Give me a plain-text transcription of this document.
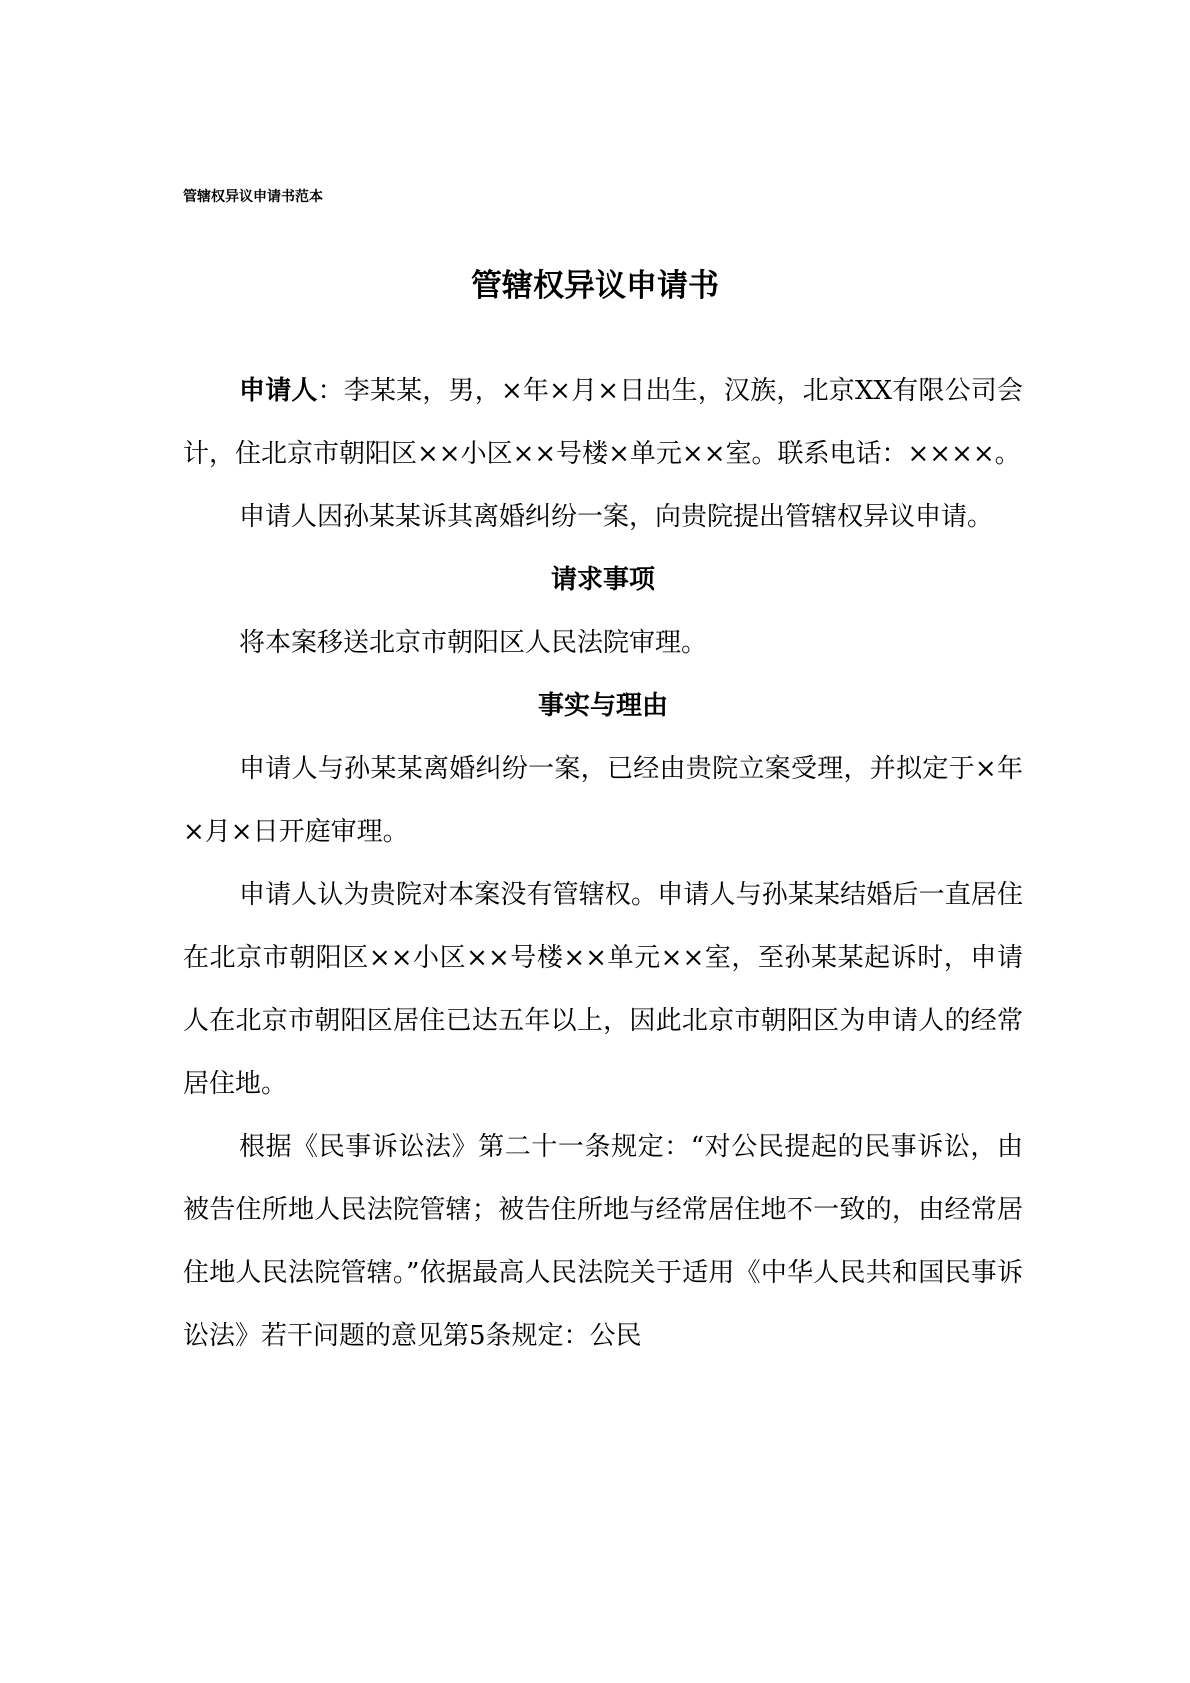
管辖权异议申请书范本
管辖权异议申请书

申请人：李某某，男，×年×月×日出生，汉族，北京XX有限公司会计，住北京市朝阳区××小区××号楼×单元××室。联系电话：××××。

申请人因孙某某诉其离婚纠纷一案，向贵院提出管辖权异议申请。

请求事项

将本案移送北京市朝阳区人民法院审理。

事实与理由

申请人与孙某某离婚纠纷一案，已经由贵院立案受理，并拟定于×年×月×日开庭审理。

申请人认为贵院对本案没有管辖权。申请人与孙某某结婚后一直居住在北京市朝阳区××小区××号楼××单元××室，至孙某某起诉时，申请人在北京市朝阳区居住已达五年以上，因此北京市朝阳区为申请人的经常居住地。

根据《民事诉讼法》第二十一条规定：“对公民提起的民事诉讼，由被告住所地人民法院管辖；被告住所地与经常居住地不一致的，由经常居住地人民法院管辖。”依据最高人民法院关于适用《中华人民共和国民事诉讼法》若干问题的意见第5条规定：公民
